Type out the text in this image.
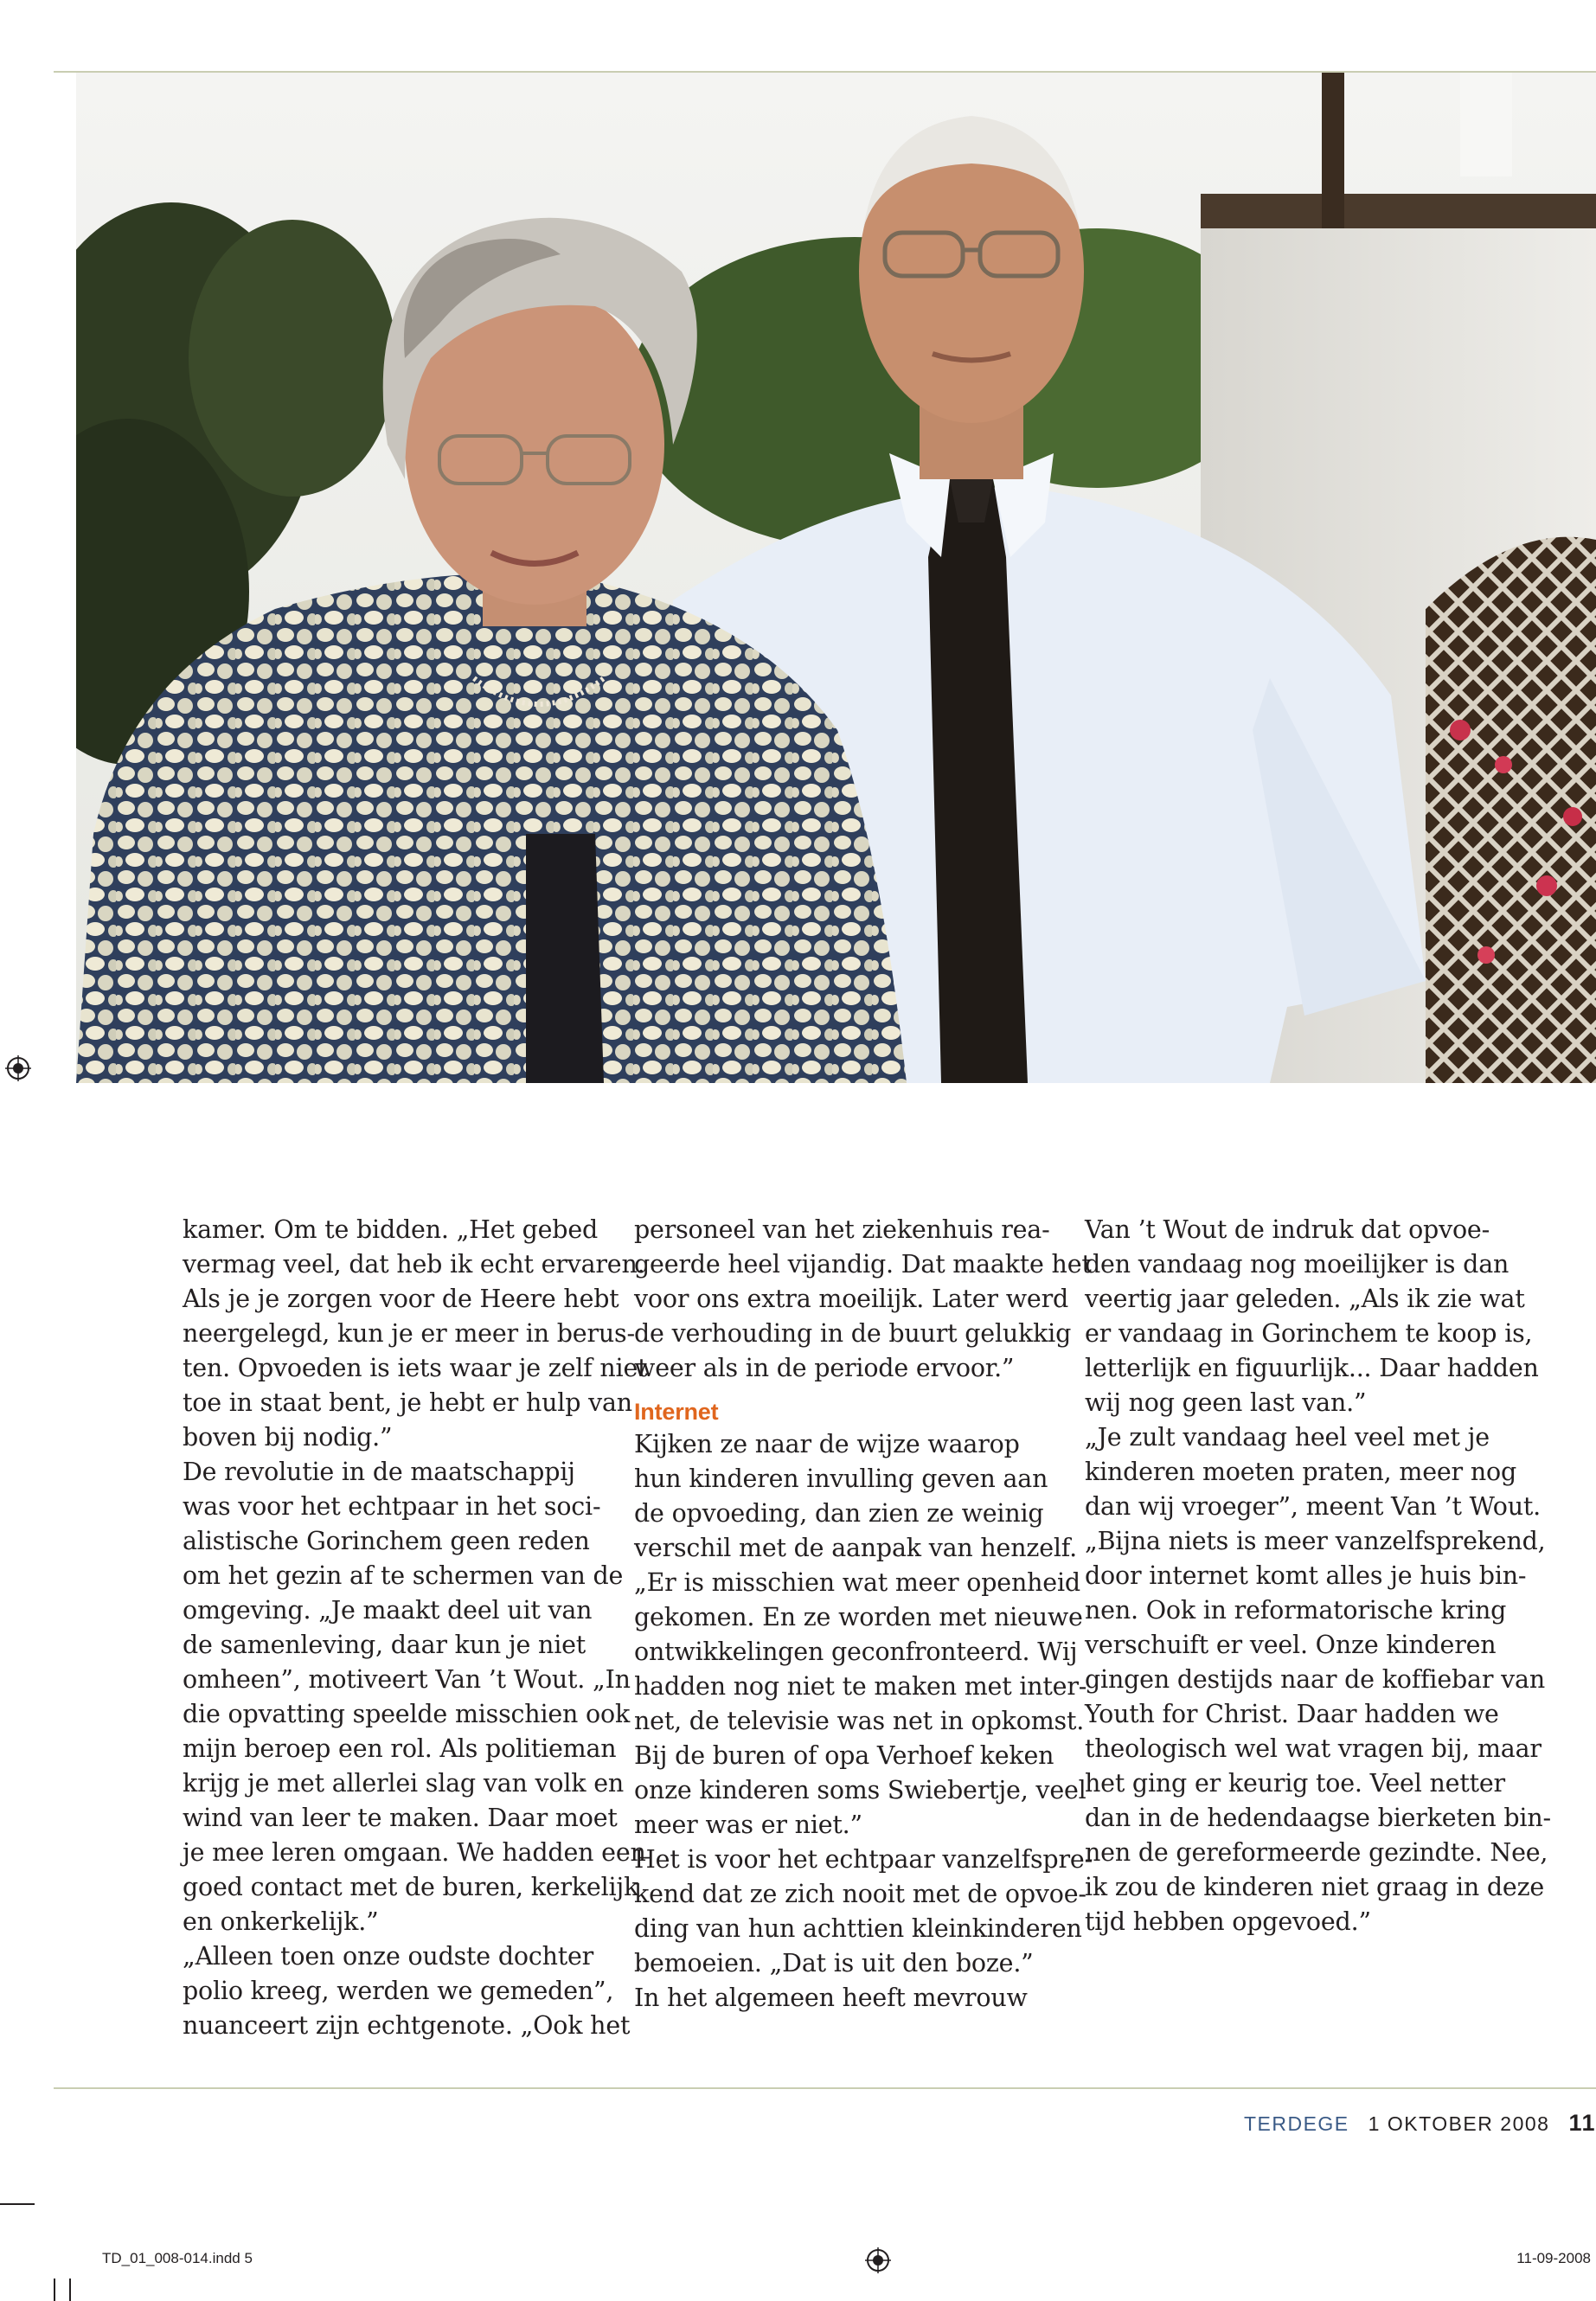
kamer. Om te bidden. „Het gebed

vermag veel, dat heb ik echt ervaren.

Als je je zorgen voor de Heere hebt

neergelegd, kun je er meer in berus-

ten. Opvoeden is iets waar je zelf niet

toe in staat bent, je hebt er hulp van

boven bij nodig.”

De revolutie in de maatschappij

was voor het echtpaar in het soci-

alistische Gorinchem geen reden

om het gezin af te schermen van de

omgeving. „Je maakt deel uit van

de samenleving, daar kun je niet

omheen”, motiveert Van ’t Wout. „In

die opvatting speelde misschien ook

mijn beroep een rol. Als politieman

krijg je met allerlei slag van volk en

wind van leer te maken. Daar moet

je mee leren omgaan. We hadden een

goed contact met de buren, kerkelijk

en onkerkelijk.”

„Alleen toen onze oudste dochter

polio kreeg, werden we gemeden”,

nuanceert zijn echtgenote. „Ook het

personeel van het ziekenhuis rea-

geerde heel vijandig. Dat maakte het

voor ons extra moeilijk. Later werd

de verhouding in de buurt gelukkig

weer als in de periode ervoor.”

Internet

Kijken ze naar de wijze waarop

hun kinderen invulling geven aan

de opvoeding, dan zien ze weinig

verschil met de aanpak van henzelf.

„Er is misschien wat meer openheid

gekomen. En ze worden met nieuwe

ontwikkelingen geconfronteerd. Wij

hadden nog niet te maken met inter-

net, de televisie was net in opkomst.

Bij de buren of opa Verhoef keken

onze kinderen soms Swiebertje, veel

meer was er niet.”

Het is voor het echtpaar vanzelfspre-

kend dat ze zich nooit met de opvoe-

ding van hun achttien kleinkinderen

bemoeien. „Dat is uit den boze.”

In het algemeen heeft mevrouw

Van ’t Wout de indruk dat opvoe-

den vandaag nog moeilijker is dan

veertig jaar geleden. „Als ik zie wat

er vandaag in Gorinchem te koop is,

letterlijk en figuurlijk... Daar hadden

wij nog geen last van.”

„Je zult vandaag heel veel met je

kinderen moeten praten, meer nog

dan wij vroeger”, meent Van ’t Wout.

„Bijna niets is meer vanzelfsprekend,

door internet komt alles je huis bin-

nen. Ook in reformatorische kring

verschuift er veel. Onze kinderen

gingen destijds naar de koffiebar van

Youth for Christ. Daar hadden we

theologisch wel wat vragen bij, maar

het ging er keurig toe. Veel netter

dan in de hedendaagse bierketen bin-

nen de gereformeerde gezindte. Nee,

ik zou de kinderen niet graag in deze

tijd hebben opgevoed.”

TERDEGE 1 OKTOBER 2008 11
TD_01_008-014.indd 5	11-09-2008
